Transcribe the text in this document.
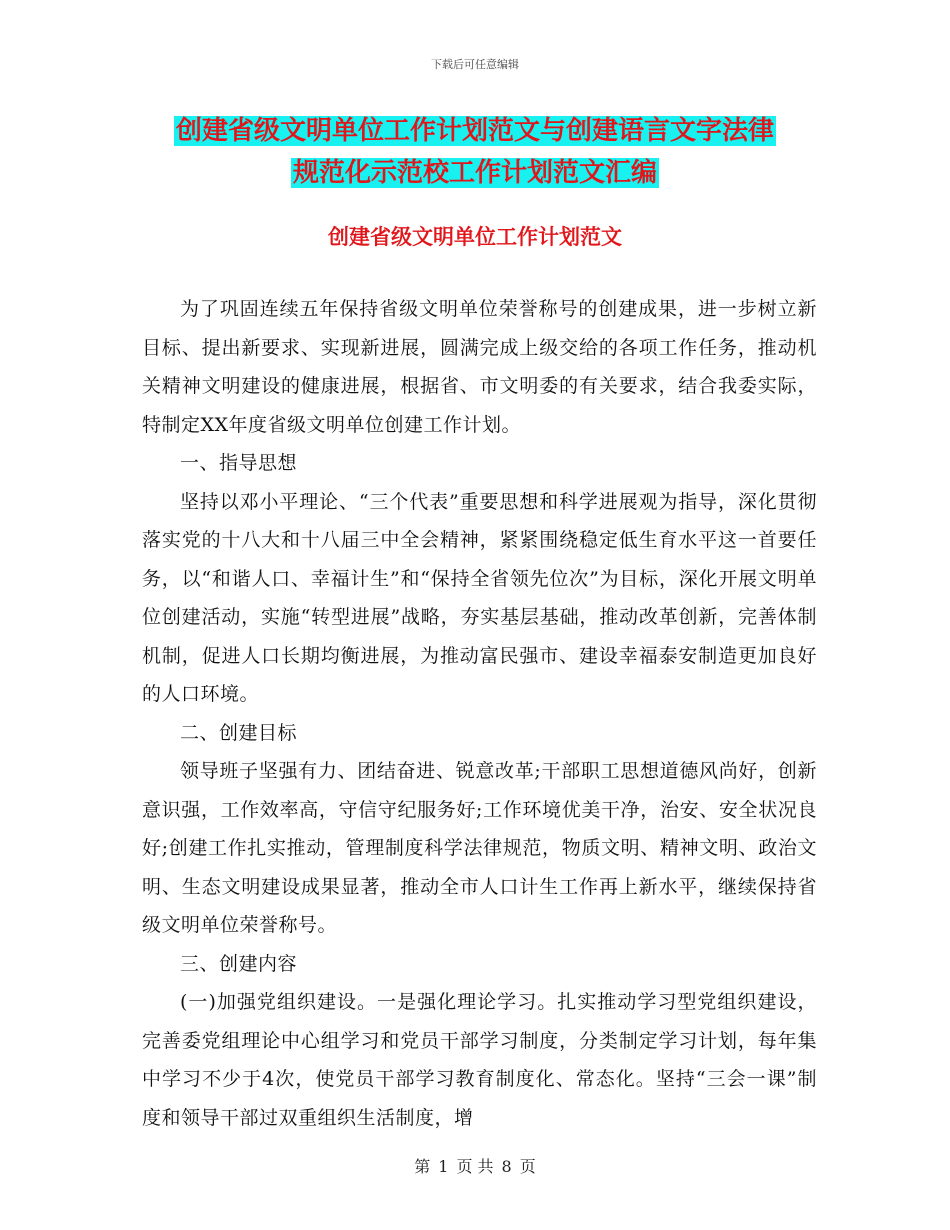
下载后可任意编辑
创建省级文明单位工作计划范文与创建语言文字法律
规范化示范校工作计划范文汇编
创建省级文明单位工作计划范文

为了巩固连续五年保持省级文明单位荣誉称号的创建成果，进一步树立新目标、提出新要求、实现新进展，圆满完成上级交给的各项工作任务，推动机关精神文明建设的健康进展，根据省、市文明委的有关要求，结合我委实际，特制定XX年度省级文明单位创建工作计划。

一、指导思想

坚持以邓小平理论、“三个代表”重要思想和科学进展观为指导，深化贯彻落实党的十八大和十八届三中全会精神，紧紧围绕稳定低生育水平这一首要任务，以“和谐人口、幸福计生”和“保持全省领先位次”为目标，深化开展文明单位创建活动，实施“转型进展”战略，夯实基层基础，推动改革创新，完善体制机制，促进人口长期均衡进展，为推动富民强市、建设幸福泰安制造更加良好的人口环境。

二、创建目标

领导班子坚强有力、团结奋进、锐意改革;干部职工思想道德风尚好，创新意识强，工作效率高，守信守纪服务好;工作环境优美干净，治安、安全状况良好;创建工作扎实推动，管理制度科学法律规范，物质文明、精神文明、政治文明、生态文明建设成果显著，推动全市人口计生工作再上新水平，继续保持省级文明单位荣誉称号。

三、创建内容

(一)加强党组织建设。一是强化理论学习。扎实推动学习型党组织建设，完善委党组理论中心组学习和党员干部学习制度，分类制定学习计划，每年集中学习不少于4次，使党员干部学习教育制度化、常态化。坚持“三会一课”制度和领导干部过双重组织生活制度，增

第 1 页 共 8 页
